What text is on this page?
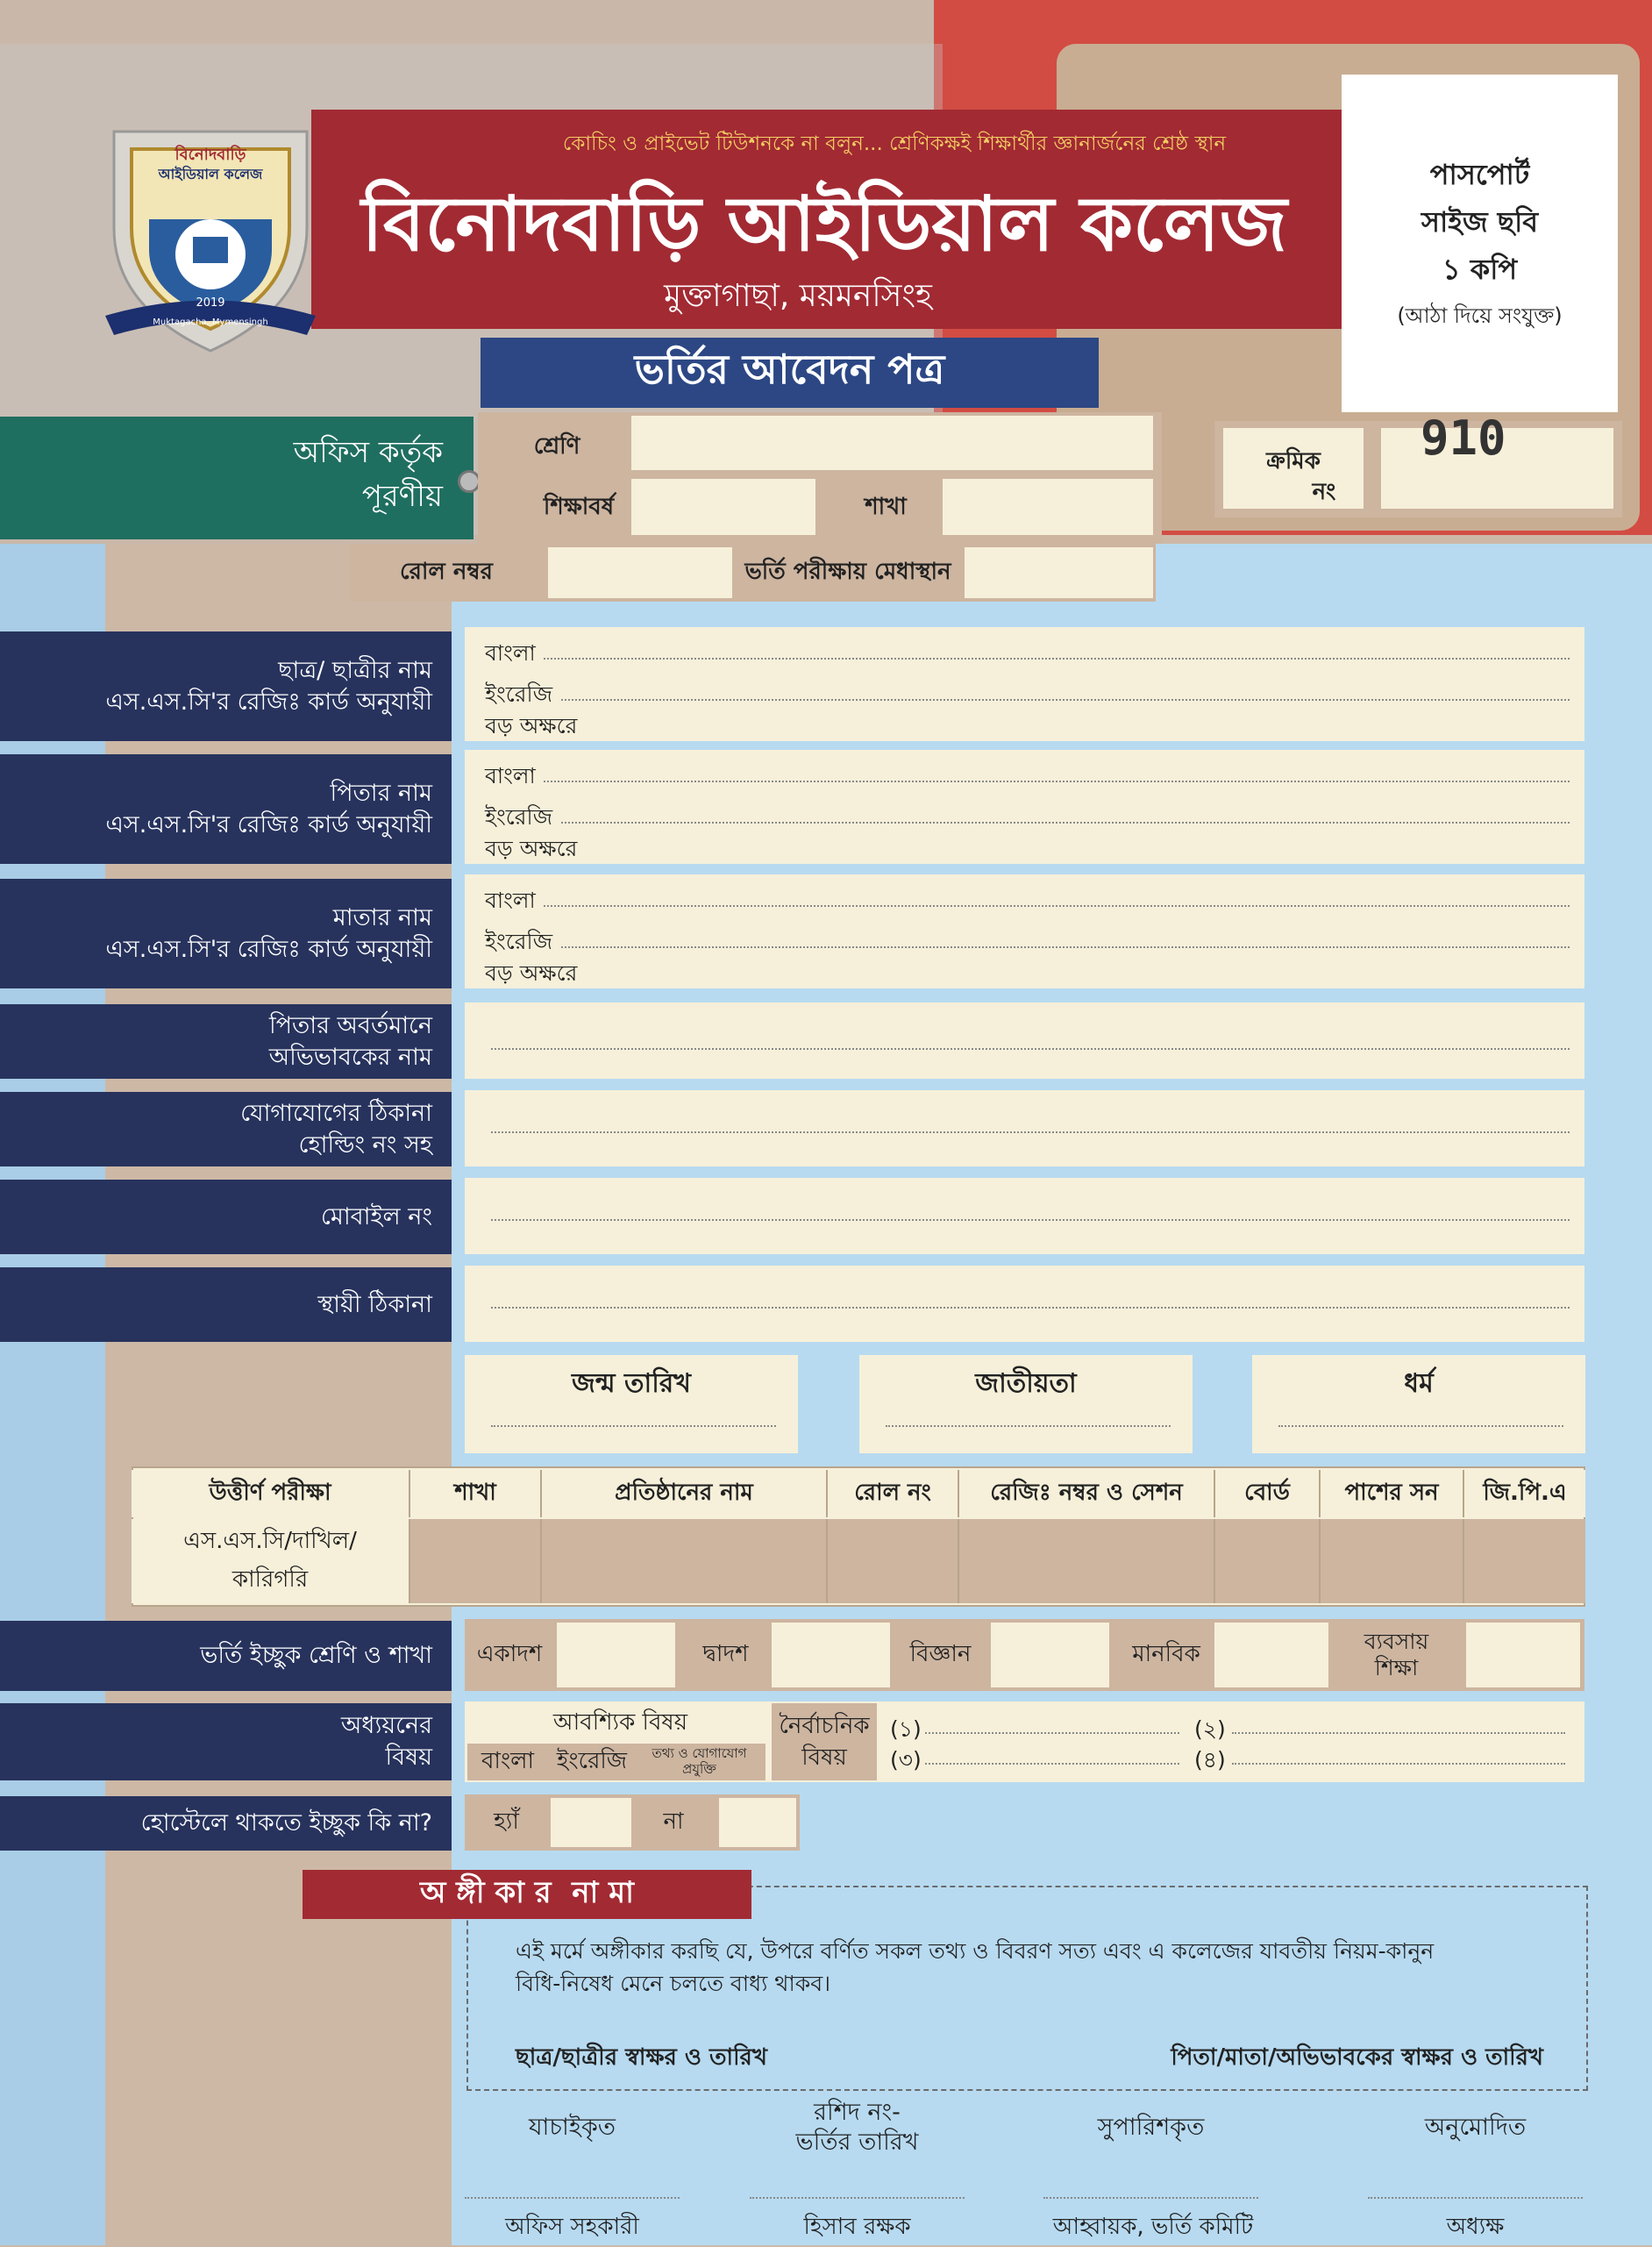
কোচিং ও প্রাইভেট টিউশনকে না বলুন... শ্রেণিকক্ষই শিক্ষার্থীর জ্ঞানার্জনের শ্রেষ্ঠ স্থান
বিনোদবাড়ি আইডিয়াল কলেজ
মুক্তাগাছা, ময়মনসিংহ
বিনোদবাড়ি
আইডিয়াল কলেজ
2019
Muktagacha, Mymensingh
ভর্তির আবেদন পত্র
পাসপোর্ট
সাইজ ছবি
১ কপি
(আঠা দিয়ে সংযুক্ত)
অফিস কর্তৃক
পূরণীয়
শ্রেণি
শিক্ষাবর্ষ	শাখা
ক্রমিক
নং
910
রোল নম্বর	ভর্তি পরীক্ষায় মেধাস্থান
ছাত্র/ ছাত্রীর নাম
এস.এস.সি'র রেজিঃ কার্ড অনুযায়ী
বাংলা
ইংরেজি
বড় অক্ষরে
পিতার নাম
এস.এস.সি'র রেজিঃ কার্ড অনুযায়ী
বাংলা
ইংরেজি
বড় অক্ষরে
মাতার নাম
এস.এস.সি'র রেজিঃ কার্ড অনুযায়ী
বাংলা
ইংরেজি
বড় অক্ষরে
পিতার অবর্তমানে
অভিভাবকের নাম
যোগাযোগের ঠিকানা
হোল্ডিং নং সহ
মোবাইল নং
স্থায়ী ঠিকানা
জন্ম তারিখ	জাতীয়তা	ধর্ম
উত্তীর্ণ পরীক্ষা	শাখা	প্রতিষ্ঠানের নাম	রোল নং	রেজিঃ নম্বর ও সেশন	বোর্ড	পাশের সন	জি.পি.এ
এস.এস.সি/দাখিল/
কারিগরি
ভর্তি ইচ্ছুক শ্রেণি ও শাখা	একাদশ	দ্বাদশ	বিজ্ঞান	মানবিক	ব্যবসায়
শিক্ষা
অধ্যয়নের
বিষয়
আবশ্যিক বিষয়
বাংলা ইংরেজি	তথ্য ও যোগাযোগ
প্রযুক্তি
নৈর্বাচনিক
বিষয়
(১)	(২)
(৩)	(৪)
হোস্টেলে থাকতে ইচ্ছুক কি না?	হ্যাঁ	না
অ ঙ্গী কা র  না মা
এই মর্মে অঙ্গীকার করছি যে, উপরে বর্ণিত সকল তথ্য ও বিবরণ সত্য এবং এ কলেজের যাবতীয় নিয়ম-কানুন
বিধি-নিষেধ মেনে চলতে বাধ্য থাকব।
ছাত্র/ছাত্রীর স্বাক্ষর ও তারিখ	পিতা/মাতা/অভিভাবকের স্বাক্ষর ও তারিখ
যাচাইকৃত
রশিদ নং-
ভর্তির তারিখ
সুপারিশকৃত	অনুমোদিত
অফিস সহকারী	হিসাব রক্ষক	আহ্বায়ক, ভর্তি কমিটি	অধ্যক্ষ
